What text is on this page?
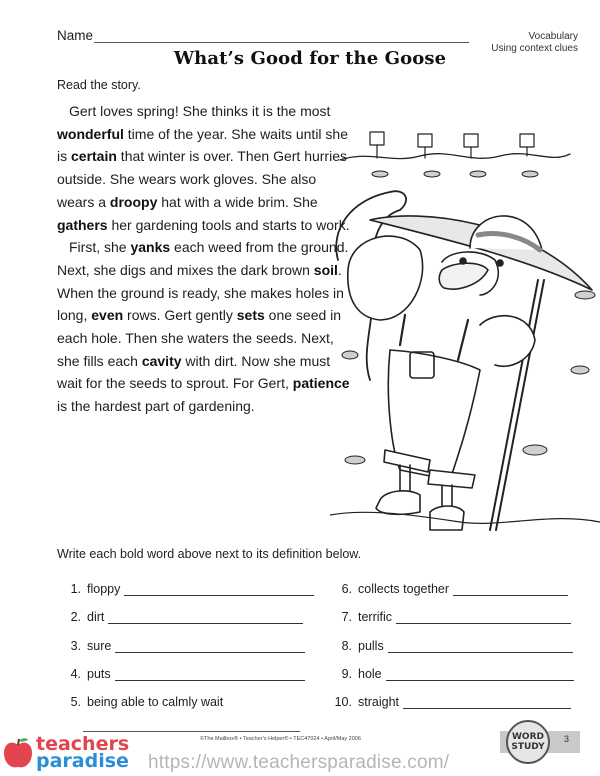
Name	Vocabulary
Using context clues
What’s Good for the Goose
Read the story.

Gert loves spring! She thinks it is the most wonderful time of the year. She waits until she is certain that winter is over. Then Gert hurries outside. She wears work gloves. She also wears a droopy hat with a wide brim. She gathers her gardening tools and starts to work.

First, she yanks each weed from the ground. Next, she digs and mixes the dark brown soil. When the ground is ready, she makes holes in long, even rows. Gert gently sets one seed in each hole. Then she waters the seeds. Next, she fills each cavity with dirt. Now she must wait for the seeds to sprout. For Gert, patience is the hardest part of gardening.

Write each bold word above next to its definition below.
1. floppy
2. dirt
3. sure
4. puts
5. being able to calmly wait
6. collects together
7. terrific
8. pulls
9. hole
10. straight
©The Mailbox® • Teacher’s Helper® • TEC47024 • April/May 2006	WORD
STUDY
3
teachers
paradise https://www.teachersparadise.com/
